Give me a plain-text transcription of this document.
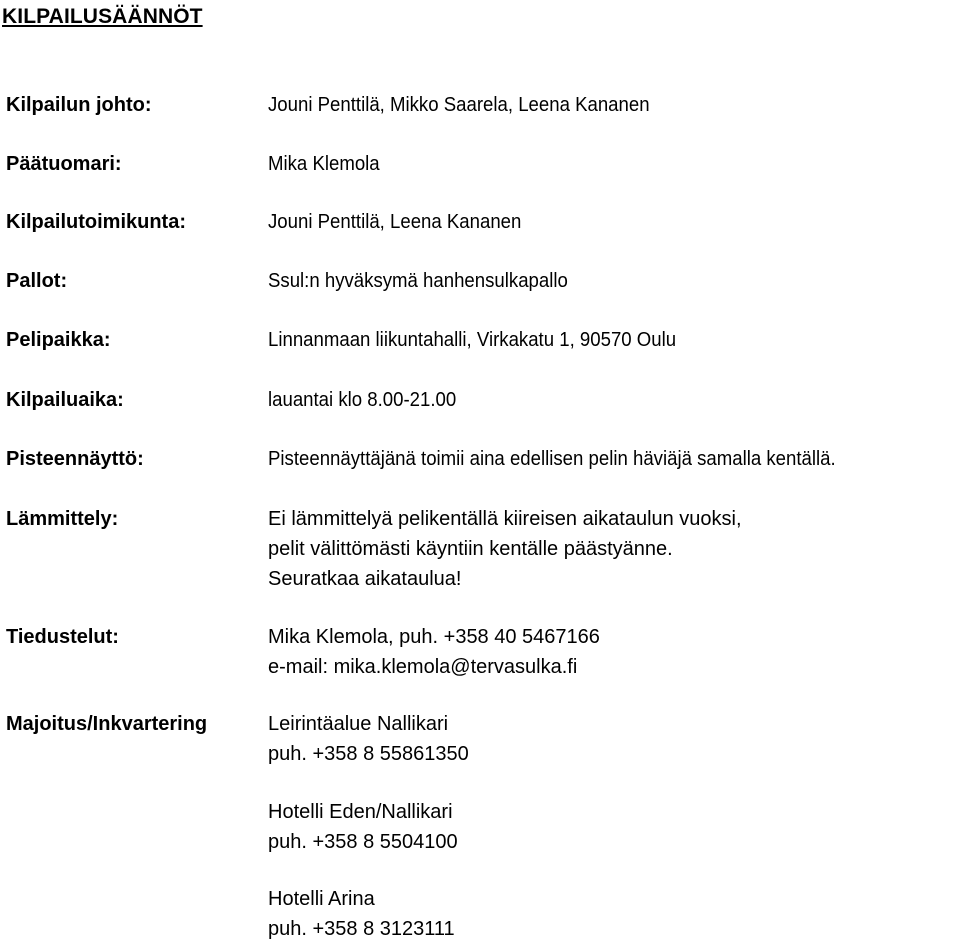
KILPAILUSÄÄNNÖT
Kilpailun johto:	Jouni Penttilä, Mikko Saarela, Leena Kananen
Päätuomari:	Mika Klemola
Kilpailutoimikunta:	Jouni Penttilä, Leena Kananen
Pallot:	Ssul:n hyväksymä hanhensulkapallo
Pelipaikka:	Linnanmaan liikuntahalli, Virkakatu 1, 90570 Oulu
Kilpailuaika:	lauantai klo 8.00-21.00
Pisteennäyttö:	Pisteennäyttäjänä toimii aina edellisen pelin häviäjä samalla kentällä.
Lämmittely:	Ei lämmittelyä pelikentällä kiireisen aikataulun vuoksi,
pelit välittömästi käyntiin kentälle päästyänne.
Seuratkaa aikataulua!
Tiedustelut:	Mika Klemola, puh. +358 40 5467166
e-mail: mika.klemola@tervasulka.fi
Majoitus/Inkvartering	Leirintäalue Nallikari
puh. +358 8 55861350
Hotelli Eden/Nallikari
puh. +358 8 5504100
Hotelli Arina
puh. +358 8 3123111
